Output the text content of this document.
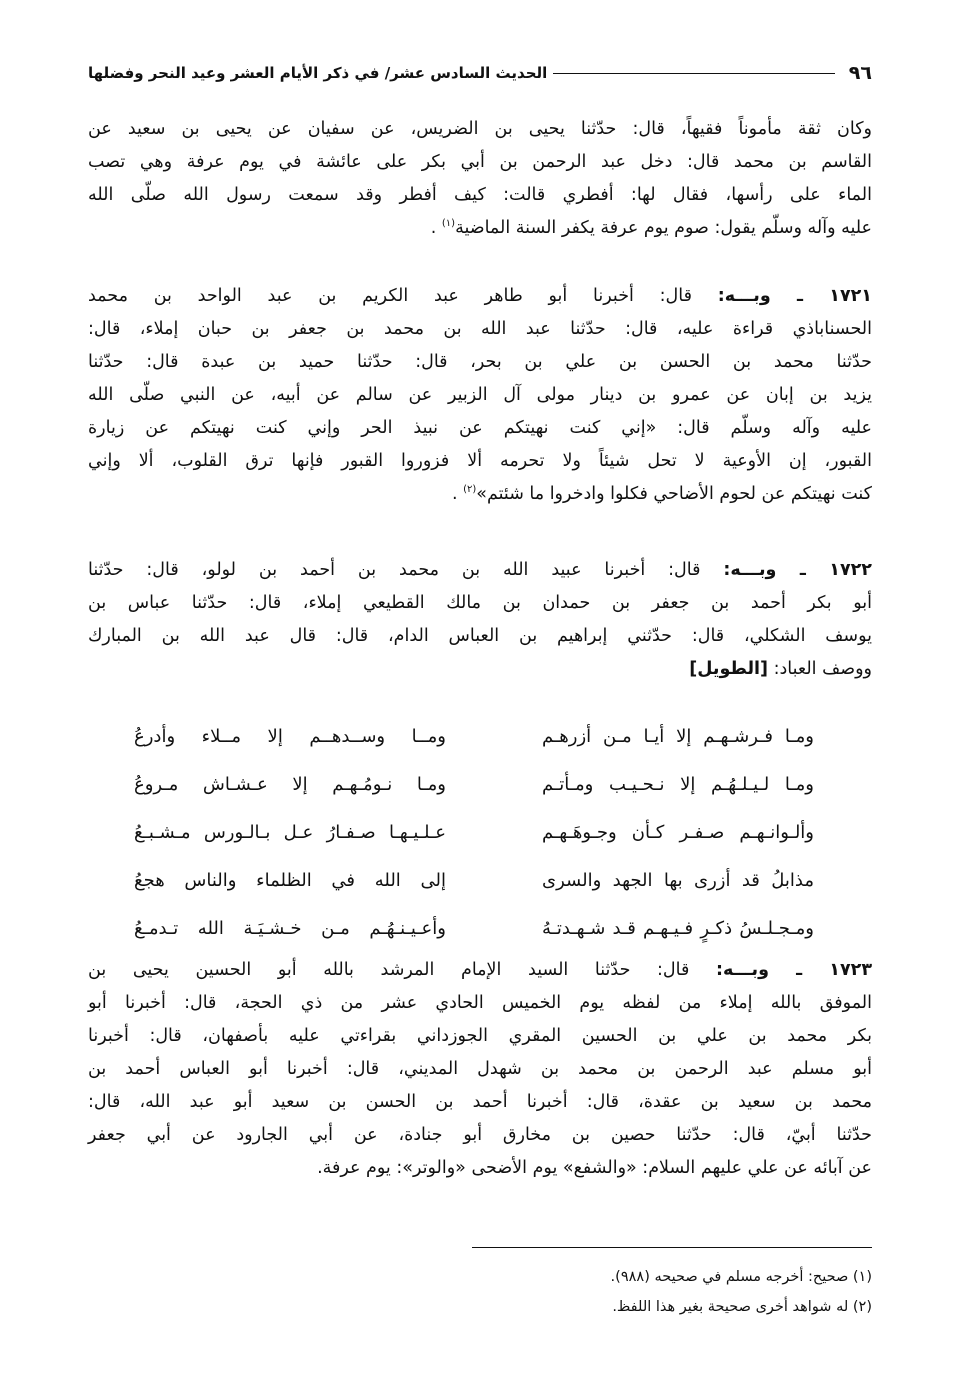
٩٦
الحديث السادس عشر/ في ذكر الأيام العشر وعيد النحر وفضلها
وكان ثقة مأموناً فقيهاً، قال: حدّثنا يحيى بن الضريس، عن سفيان عن يحيى بن سعيد عن
القاسم بن محمد قال: دخل عبد الرحمن بن أبي بكر على عائشة في يوم عرفة وهي تصب
الماء على رأسها، فقال لها: أفطري قالت: كيف أفطر وقد سمعت رسول الله صلّى الله
عليه وآله وسلّم يقول: صوم يوم عرفة يكفر السنة الماضية$^{(١)}$ .
١٧٢١ ـ وبـــه: قال: أخبرنا أبو طاهر عبد الكريم بن عبد الواحد بن محمد
الحسناباذي قراءة عليه، قال: حدّثنا عبد الله بن محمد بن جعفر بن حبان إملاء، قال:
حدّثنا محمد بن الحسن بن علي بن بحر، قال: حدّثنا حميد بن عبدة قال: حدّثنا
يزيد بن إبان عن عمرو بن دينار مولى آل الزبير عن سالم عن أبيه، عن النبي صلّى الله
عليه وآله وسلّم قال: «إني كنت نهيتكم عن نبيذ الحر وإني كنت نهيتكم عن زيارة
القبور، إن الأوعية لا تحل شيئاً ولا تحرمه ألا فزوروا القبور فإنها ترق القلوب، ألا وإني
كنت نهيتكم عن لحوم الأضاحي فكلوا وادخروا ما شئتم»$^{(٢)}$ .
١٧٢٢ ـ وبـــه: قال: أخبرنا عبيد الله بن محمد بن أحمد بن لولو، قال: حدّثنا
أبو بكر أحمد بن جعفر بن حمدان بن مالك القطيعي إملاء، قال: حدّثنا عباس بن
يوسف الشكلي، قال: حدّثني إبراهيم بن العباس الدام، قال: قال عبد الله بن المبارك
ووصف العباد: [الطويل]
ومـا فـرشـهـم إلا أيـا مـن أزرهـم
ومــا وســدهــم إلا مــلاء وأدرعُ
ومـا لـيـلـهُـم إلا نـحـيـب ومـأتـم
ومـا نـومُـهـم إلا عـشـاش مـروعُ
وألـوانـهـم صـفـر كـأن وجـوهَـهـم
عـلـيـهـا صـفـارُ عـل بـالـورس مـشـبـعُ
مذابلُ قد أزرى بها الجهد والسرى
إلى الله في الظلماء والناس هجعُ
ومـجـلـسُ ذكـرٍ فـيـهـم قـد شـهـدتـهُ
وأعـيـنـهُـم مـن خـشـيَـة الله تـدمـعُ
١٧٢٣ ـ وبـــه: قال: حدّثنا السيد الإمام المرشد بالله أبو الحسين يحيى بن
الموفق بالله إملاء من لفظه يوم الخميس الحادي عشر من ذي الحجة، قال: أخبرنا أبو
بكر محمد بن علي بن الحسين المقري الجوزداني بقراءتي عليه بأصفهان، قال: أخبرنا
أبو مسلم عبد الرحمن بن محمد بن شهدل المديني، قال: أخبرنا أبو العباس أحمد بن
محمد بن سعيد بن عقدة، قال: أخبرنا أحمد بن الحسن بن سعيد أبو عبد الله، قال:
حدّثنا أبيّ، قال: حدّثنا حصين بن مخارق أبو جنادة، عن أبي الجارود عن أبي جعفر
عن آبائه عن علي عليهم السلام: «والشفع» يوم الأضحى «والوتر»: يوم عرفة.
(١) صحيح: أخرجه مسلم في صحيحه (٩٨٨).
(٢) له شواهد أخرى صحيحة بغير هذا اللفظ.
